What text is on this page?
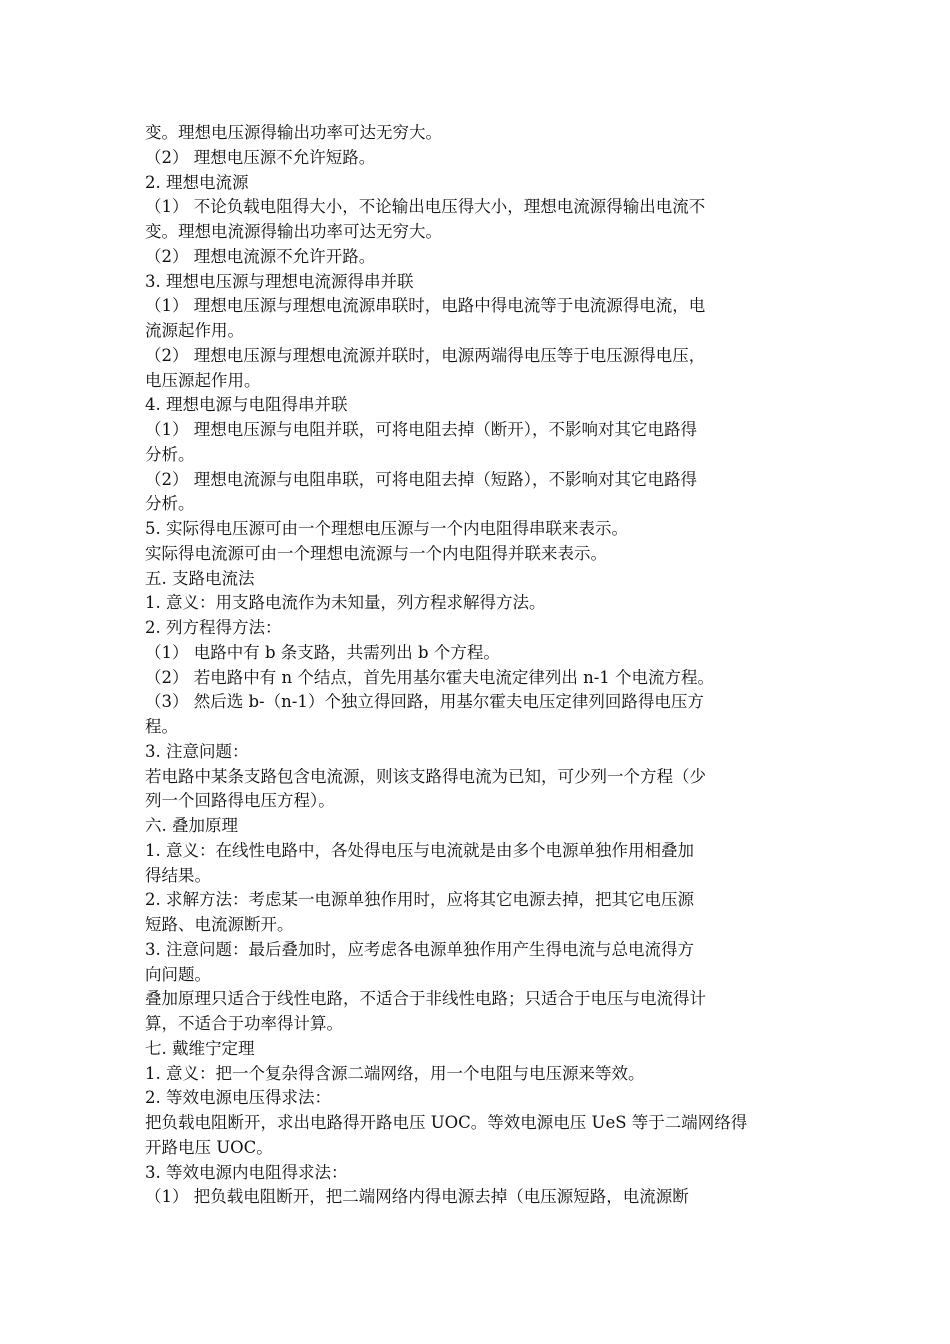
变。理想电压源得输出功率可达无穷大。
（2） 理想电压源不允许短路。
2. 理想电流源
（1） 不论负载电阻得大小，不论输出电压得大小，理想电流源得输出电流不
变。理想电流源得输出功率可达无穷大。
（2） 理想电流源不允许开路。
3. 理想电压源与理想电流源得串并联
（1） 理想电压源与理想电流源串联时，电路中得电流等于电流源得电流，电
流源起作用。
（2） 理想电压源与理想电流源并联时，电源两端得电压等于电压源得电压，
电压源起作用。
4. 理想电源与电阻得串并联
（1） 理想电压源与电阻并联，可将电阻去掉（断开），不影响对其它电路得
分析。
（2） 理想电流源与电阻串联，可将电阻去掉（短路），不影响对其它电路得
分析。
5. 实际得电压源可由一个理想电压源与一个内电阻得串联来表示。
实际得电流源可由一个理想电流源与一个内电阻得并联来表示。
五. 支路电流法
1. 意义：用支路电流作为未知量，列方程求解得方法。
2. 列方程得方法：
（1） 电路中有 b 条支路，共需列出 b 个方程。
（2） 若电路中有 n 个结点，首先用基尔霍夫电流定律列出 n-1 个电流方程。
（3） 然后选 b-（n-1）个独立得回路，用基尔霍夫电压定律列回路得电压方
程。
3. 注意问题：
若电路中某条支路包含电流源，则该支路得电流为已知，可少列一个方程（少
列一个回路得电压方程）。
六. 叠加原理
1. 意义：在线性电路中，各处得电压与电流就是由多个电源单独作用相叠加
得结果。
2. 求解方法：考虑某一电源单独作用时，应将其它电源去掉，把其它电压源
短路、电流源断开。
3. 注意问题：最后叠加时，应考虑各电源单独作用产生得电流与总电流得方
向问题。
叠加原理只适合于线性电路，不适合于非线性电路；只适合于电压与电流得计
算，不适合于功率得计算。
七. 戴维宁定理
1. 意义：把一个复杂得含源二端网络，用一个电阻与电压源来等效。
2. 等效电源电压得求法：
把负载电阻断开，求出电路得开路电压 UOC。等效电源电压 UeS 等于二端网络得
开路电压 UOC。
3. 等效电源内电阻得求法：
（1） 把负载电阻断开，把二端网络内得电源去掉（电压源短路，电流源断
